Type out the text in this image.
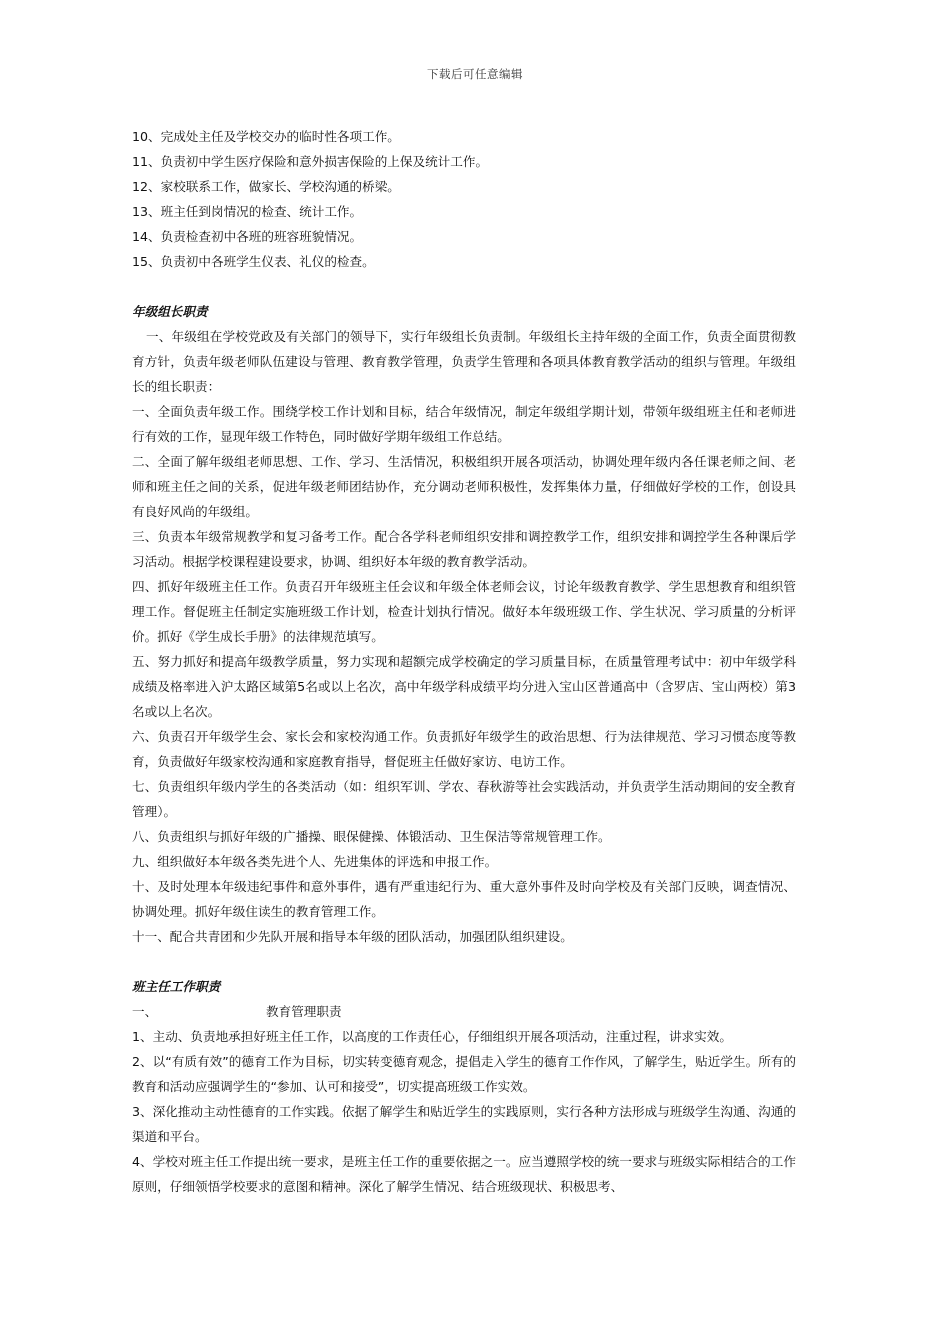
下载后可任意编辑
10、完成处主任及学校交办的临时性各项工作。
11、负责初中学生医疗保险和意外损害保险的上保及统计工作。
12、家校联系工作，做家长、学校沟通的桥梁。
13、班主任到岗情况的检查、统计工作。
14、负责检查初中各班的班容班貌情况。
15、负责初中各班学生仪表、礼仪的检查。
年级组长职责
一、年级组在学校党政及有关部门的领导下，实行年级组长负责制。年级组长主持年级的全面工作，负责全面贯彻教育方针，负责年级老师队伍建设与管理、教育教学管理，负责学生管理和各项具体教育教学活动的组织与管理。年级组长的组长职责：
一、全面负责年级工作。围绕学校工作计划和目标，结合年级情况，制定年级组学期计划，带领年级组班主任和老师进行有效的工作，显现年级工作特色，同时做好学期年级组工作总结。
二、全面了解年级组老师思想、工作、学习、生活情况，积极组织开展各项活动，协调处理年级内各任课老师之间、老师和班主任之间的关系，促进年级老师团结协作，充分调动老师积极性，发挥集体力量，仔细做好学校的工作，创设具有良好风尚的年级组。
三、负责本年级常规教学和复习备考工作。配合各学科老师组织安排和调控教学工作，组织安排和调控学生各种课后学习活动。根据学校课程建设要求，协调、组织好本年级的教育教学活动。
四、抓好年级班主任工作。负责召开年级班主任会议和年级全体老师会议，讨论年级教育教学、学生思想教育和组织管理工作。督促班主任制定实施班级工作计划，检查计划执行情况。做好本年级班级工作、学生状况、学习质量的分析评价。抓好《学生成长手册》的法律规范填写。
五、努力抓好和提高年级教学质量，努力实现和超额完成学校确定的学习质量目标，在质量管理考试中：初中年级学科成绩及格率进入沪太路区域第5名或以上名次，高中年级学科成绩平均分进入宝山区普通高中（含罗店、宝山两校）第3名或以上名次。
六、负责召开年级学生会、家长会和家校沟通工作。负责抓好年级学生的政治思想、行为法律规范、学习习惯态度等教育，负责做好年级家校沟通和家庭教育指导，督促班主任做好家访、电访工作。
七、负责组织年级内学生的各类活动（如：组织军训、学农、春秋游等社会实践活动，并负责学生活动期间的安全教育管理）。
八、负责组织与抓好年级的广播操、眼保健操、体锻活动、卫生保洁等常规管理工作。
九、组织做好本年级各类先进个人、先进集体的评选和申报工作。
十、及时处理本年级违纪事件和意外事件，遇有严重违纪行为、重大意外事件及时向学校及有关部门反映，调查情况、协调处理。抓好年级住读生的教育管理工作。
十一、配合共青团和少先队开展和指导本年级的团队活动，加强团队组织建设。
班主任工作职责
一、	教育管理职责
1、主动、负责地承担好班主任工作，以高度的工作责任心，仔细组织开展各项活动，注重过程，讲求实效。
2、以“有质有效”的德育工作为目标，切实转变德育观念，提倡走入学生的德育工作作风，了解学生，贴近学生。所有的教育和活动应强调学生的“参加、认可和接受”，切实提高班级工作实效。
3、深化推动主动性德育的工作实践。依据了解学生和贴近学生的实践原则，实行各种方法形成与班级学生沟通、沟通的渠道和平台。
4、学校对班主任工作提出统一要求，是班主任工作的重要依据之一。应当遵照学校的统一要求与班级实际相结合的工作原则，仔细领悟学校要求的意图和精神。深化了解学生情况、结合班级现状、积极思考、
